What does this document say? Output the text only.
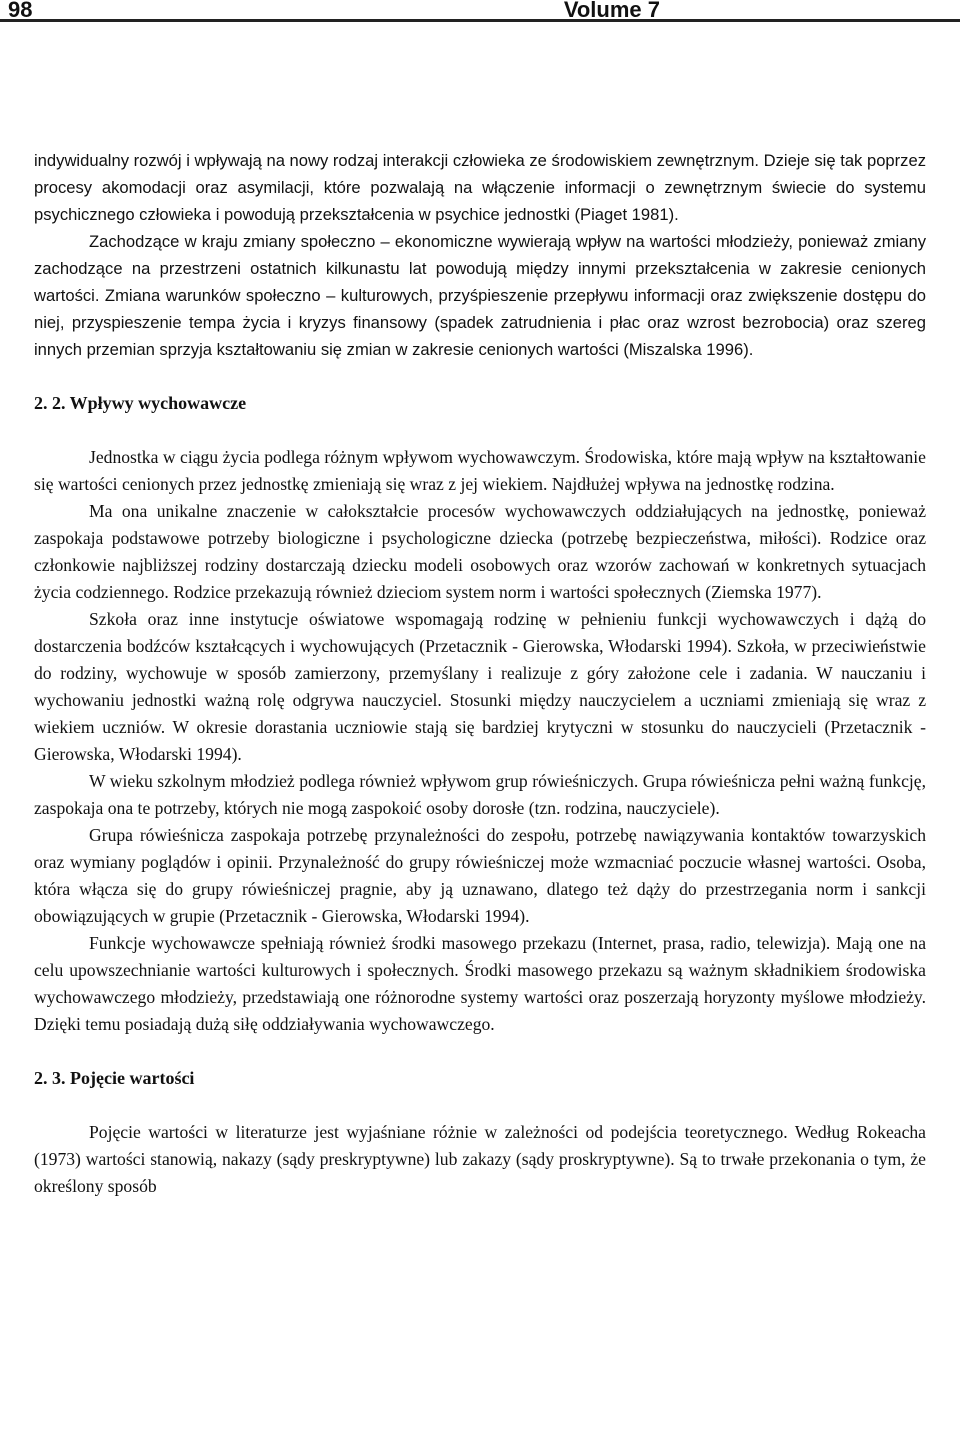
98	Volume 7

indywidualny rozwój i wpływają na nowy rodzaj interakcji człowieka ze środowiskiem zewnętrznym. Dzieje się tak poprzez procesy akomodacji oraz asymilacji, które pozwalają na włączenie informacji o zewnętrznym świecie do systemu psychicznego człowieka i powodują przekształcenia w psychice jednostki (Piaget 1981).

Zachodzące w kraju zmiany społeczno – ekonomiczne wywierają wpływ na wartości młodzieży, ponieważ zmiany zachodzące na przestrzeni ostatnich kilkunastu lat powodują między innymi przekształcenia w zakresie cenionych wartości. Zmiana warunków społeczno – kulturowych, przyśpieszenie przepływu informacji oraz zwiększenie dostępu do niej, przyspieszenie tempa życia i kryzys finansowy (spadek zatrudnienia i płac oraz wzrost bezrobocia) oraz szereg innych przemian sprzyja kształtowaniu się zmian w zakresie cenionych wartości (Miszalska 1996).

2. 2. Wpływy wychowawcze

Jednostka w ciągu życia podlega różnym wpływom wychowawczym. Środowiska, które mają wpływ na kształtowanie się wartości cenionych przez jednostkę zmieniają się wraz z jej wiekiem. Najdłużej wpływa na jednostkę rodzina.

Ma ona unikalne znaczenie w całokształcie procesów wychowawczych oddziałujących na jednostkę, ponieważ zaspokaja podstawowe potrzeby biologiczne i psychologiczne dziecka (potrzebę bezpieczeństwa, miłości). Rodzice oraz członkowie najbliższej rodziny dostarczają dziecku modeli osobowych oraz wzorów zachowań w konkretnych sytuacjach życia codziennego. Rodzice przekazują również dzieciom system norm i wartości społecznych (Ziemska 1977).

Szkoła oraz inne instytucje oświatowe wspomagają rodzinę w pełnieniu funkcji wychowawczych i dążą do dostarczenia bodźców kształcących i wychowujących (Przetacznik - Gierowska, Włodarski 1994). Szkoła, w przeciwieństwie do rodziny, wychowuje w sposób zamierzony, przemyślany i realizuje z góry założone cele i zadania. W nauczaniu i wychowaniu jednostki ważną rolę odgrywa nauczyciel. Stosunki między nauczycielem a uczniami zmieniają się wraz z wiekiem uczniów. W okresie dorastania uczniowie stają się bardziej krytyczni w stosunku do nauczycieli (Przetacznik - Gierowska, Włodarski 1994).

W wieku szkolnym młodzież podlega również wpływom grup rówieśniczych. Grupa rówieśnicza pełni ważną funkcję, zaspokaja ona te potrzeby, których nie mogą zaspokoić osoby dorosłe (tzn. rodzina, nauczyciele).

Grupa rówieśnicza zaspokaja potrzebę przynależności do zespołu, potrzebę nawiązywania kontaktów towarzyskich oraz wymiany poglądów i opinii. Przynależność do grupy rówieśniczej może wzmacniać poczucie własnej wartości. Osoba, która włącza się do grupy rówieśniczej pragnie, aby ją uznawano, dlatego też dąży do przestrzegania norm i sankcji obowiązujących w grupie (Przetacznik - Gierowska, Włodarski 1994).

Funkcje wychowawcze spełniają również środki masowego przekazu (Internet, prasa, radio, telewizja). Mają one na celu upowszechnianie wartości kulturowych i społecznych. Środki masowego przekazu są ważnym składnikiem środowiska wychowawczego młodzieży, przedstawiają one różnorodne systemy wartości oraz poszerzają horyzonty myślowe młodzieży. Dzięki temu posiadają dużą siłę oddziaływania wychowawczego.

2. 3. Pojęcie wartości

Pojęcie wartości w literaturze jest wyjaśniane różnie w zależności od podejścia teoretycznego. Według Rokeacha (1973) wartości stanowią, nakazy (sądy preskryptywne) lub zakazy (sądy proskryptywne). Są to trwałe przekonania o tym, że określony sposób
